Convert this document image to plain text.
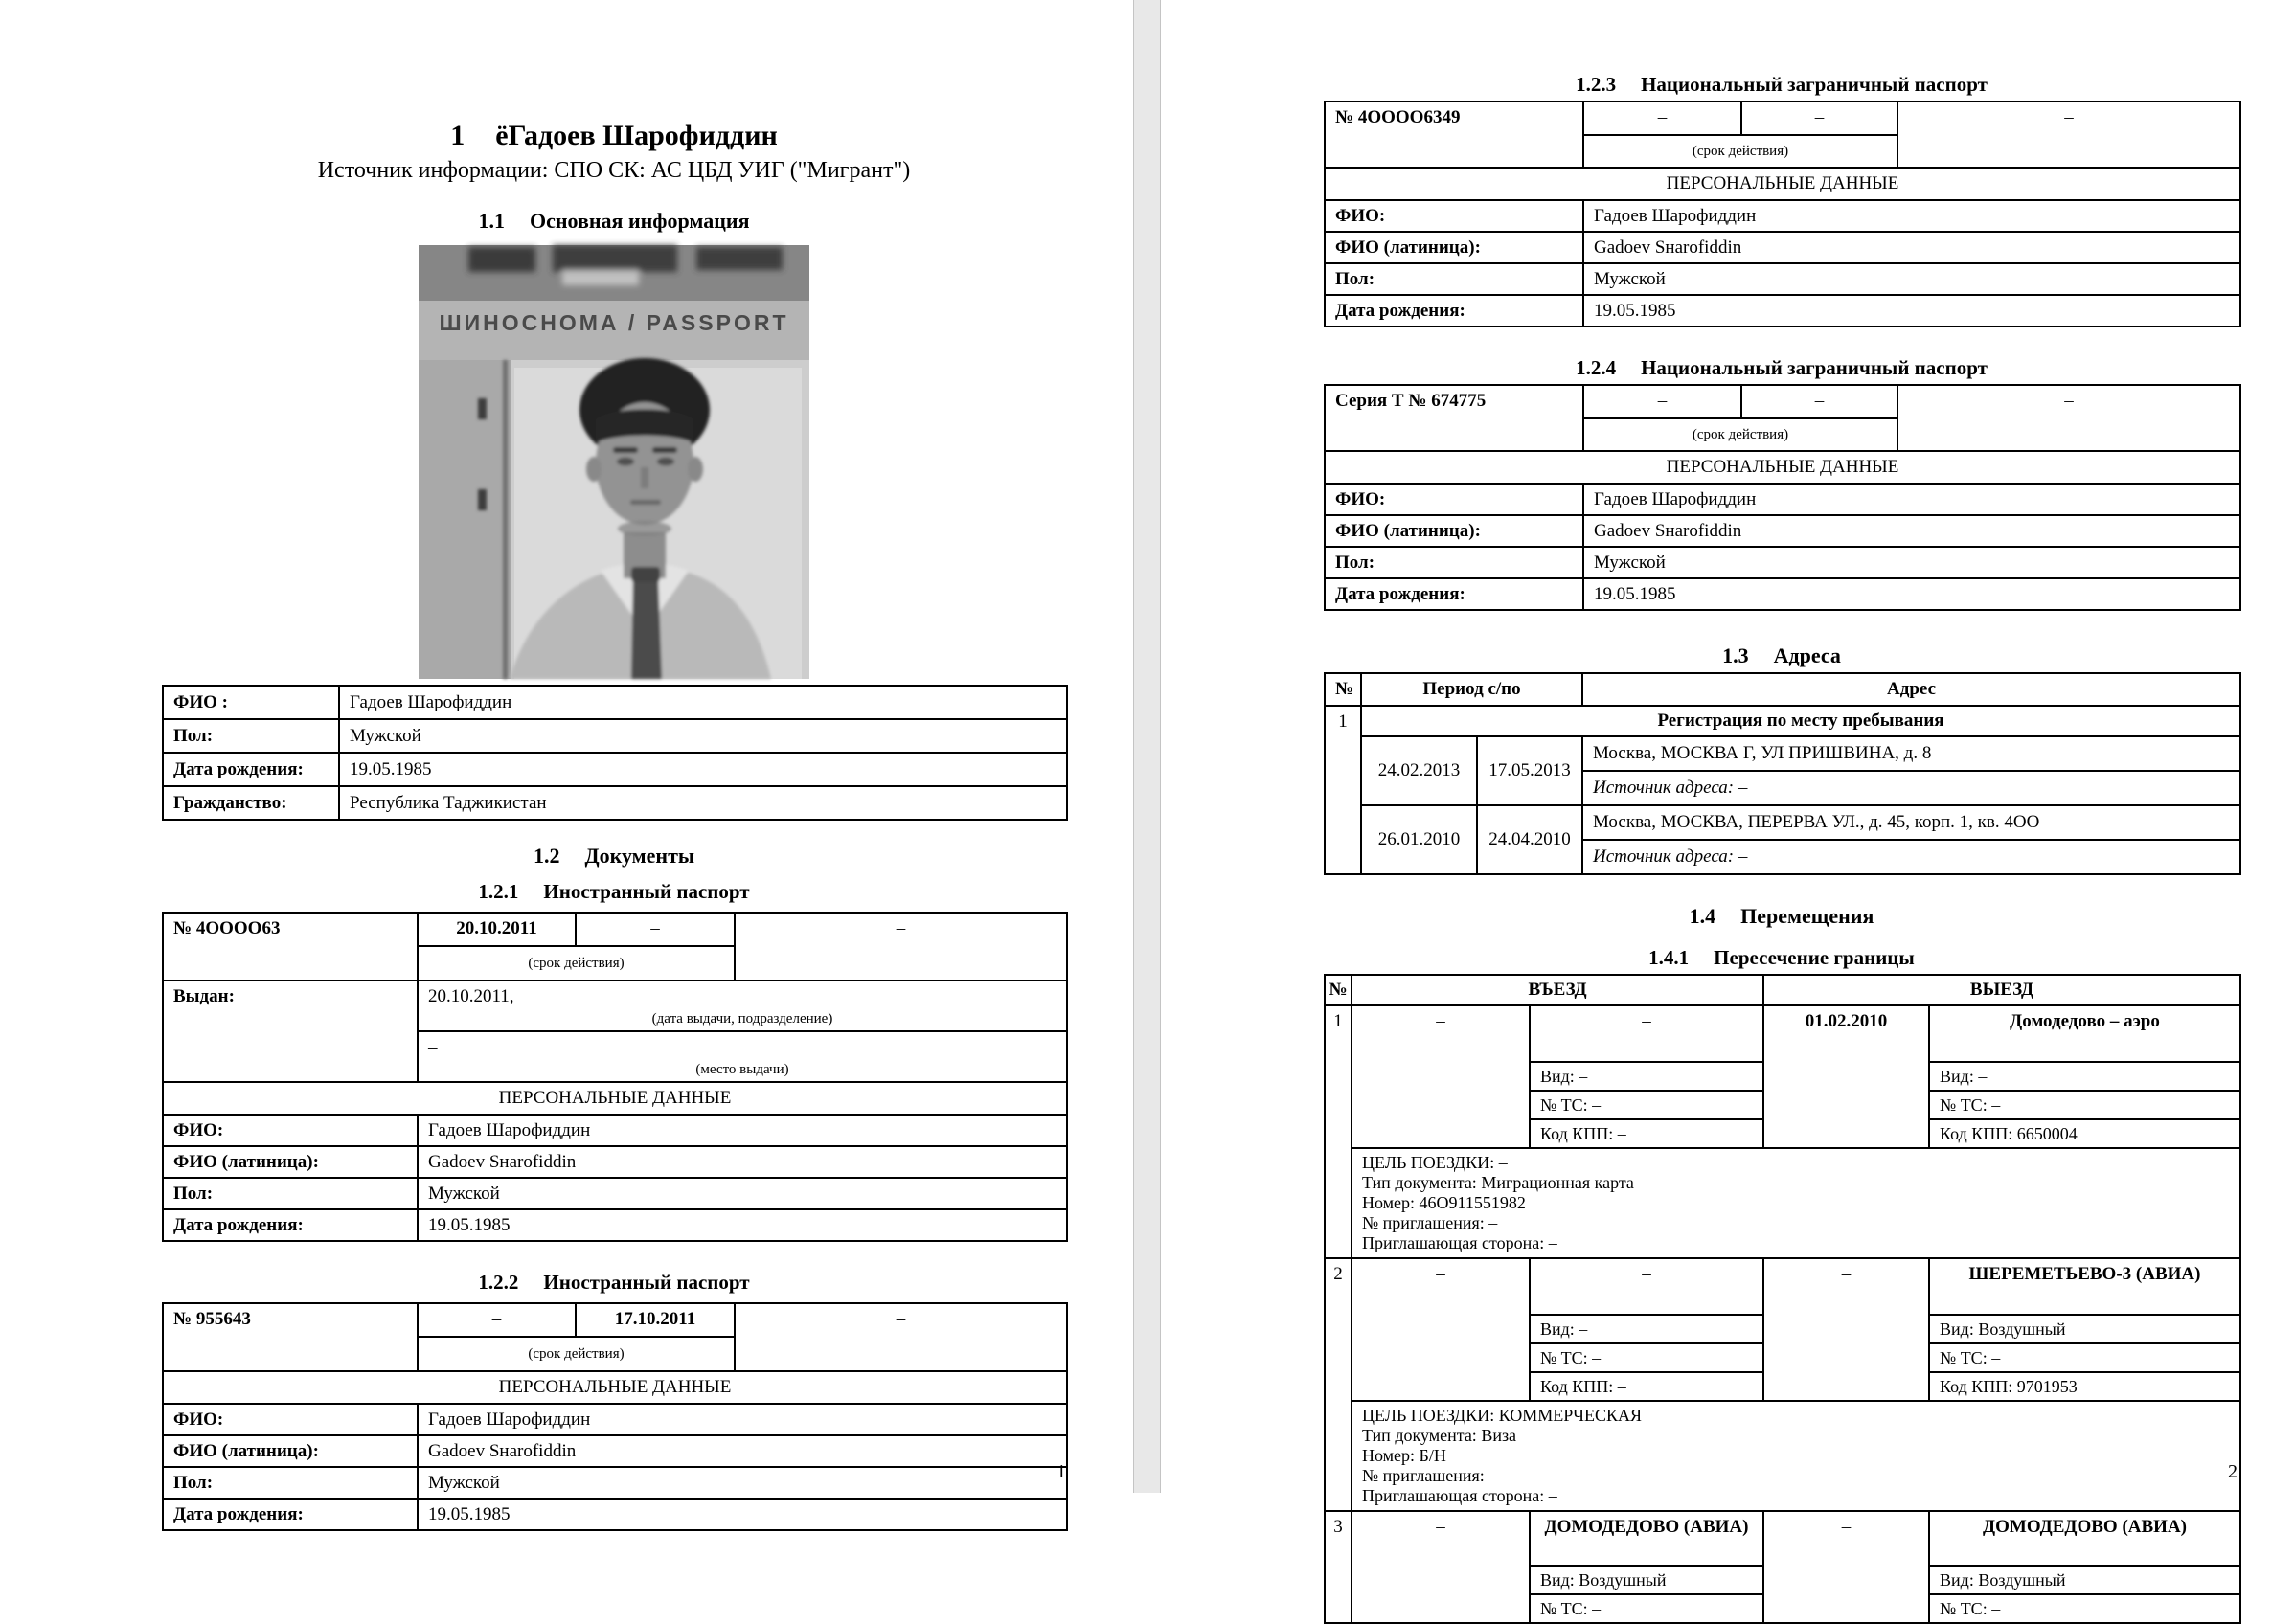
1 ёГадоев Шарофиддин
Источник информации: СПО СК: АС ЦБД УИГ ("Мигрант")
1.1 Основная информация
ШИНОСНОМА / PASSPORT
ФИО :	Гадоев Шарофиддин
Пол:	Мужской
Дата рождения:	19.05.1985
Гражданство:	Республика Таджикистан
1.2 Документы
1.2.1 Иностранный паспорт
№ 4ОООО63	20.10.2011	–	–
	(срок действия)		
Выдан:	20.10.2011,
(дата выдачи, подразделение)		

	–
(место выдачи)		

ПЕРСОНАЛЬНЫЕ ДАННЫЕ			
ФИО:	Гадоев Шарофиддин		
ФИО (латиница):	Gadoev Sнarofiddin		
Пол:	Мужской		
Дата рождения:	19.05.1985		
1.2.2 Иностранный паспорт
№ 955643	–	17.10.2011	–
	(срок действия)		
ПЕРСОНАЛЬНЫЕ ДАННЫЕ			
ФИО:	Гадоев Шарофиддин		
ФИО (латиница):	Gadoev Sнarofiddin		
Пол:	Мужской		
Дата рождения:	19.05.1985		
1
1.2.3 Национальный заграничный паспорт
№ 4ОООО6349	–	–	–
	(срок действия)		
ПЕРСОНАЛЬНЫЕ ДАННЫЕ			
ФИО:	Гадоев Шарофиддин		
ФИО (латиница):	Gadoev Sнarofiddin		
Пол:	Мужской		
Дата рождения:	19.05.1985		
1.2.4 Национальный заграничный паспорт
Серия Т № 674775	–	–	–
	(срок действия)		
ПЕРСОНАЛЬНЫЕ ДАННЫЕ			
ФИО:	Гадоев Шарофиддин		
ФИО (латиница):	Gadoev Sнarofiddin		
Пол:	Мужской		
Дата рождения:	19.05.1985		
1.3 Адреса
№	Период с/по		Адрес
1	Регистрация по месту пребывания		
	24.02.2013	17.05.2013	Москва, МОСКВА Г, УЛ ПРИШВИНА, д. 8
			Источник адреса: –
	26.01.2010	24.04.2010	Москва, МОСКВА, ПЕРЕРВА УЛ., д. 45, корп. 1, кв. 4ОО
			Источник адреса: –
1.4 Перемещения
1.4.1 Пересечение границы
№	ВЪЕЗД		ВЫЕЗД	
1	–	–	01.02.2010	Домодедово – аэро
		Вид: –		Вид: –
		№ ТС: –		№ ТС: –
		Код КПП: –		Код КПП: 6650004

	ЦЕЛЬ ПОЕЗДКИ: –
Тип документа: Миграционная карта
Номер: 46О911551982
№ приглашения: –
Приглашающая сторона: –			

2	–	–	–	ШЕРЕМЕТЬЕВО-3 (АВИА)
		Вид: –		Вид: Воздушный
		№ ТС: –		№ ТС: –
		Код КПП: –		Код КПП: 9701953

	ЦЕЛЬ ПОЕЗДКИ: КОММЕРЧЕСКАЯ
Тип документа: Виза
Номер: Б/Н
№ приглашения: –
Приглашающая сторона: –			

3	–	ДОМОДЕДОВО (АВИА)	–	ДОМОДЕДОВО (АВИА)
		Вид: Воздушный		Вид: Воздушный
		№ ТС: –		№ ТС: –
2
